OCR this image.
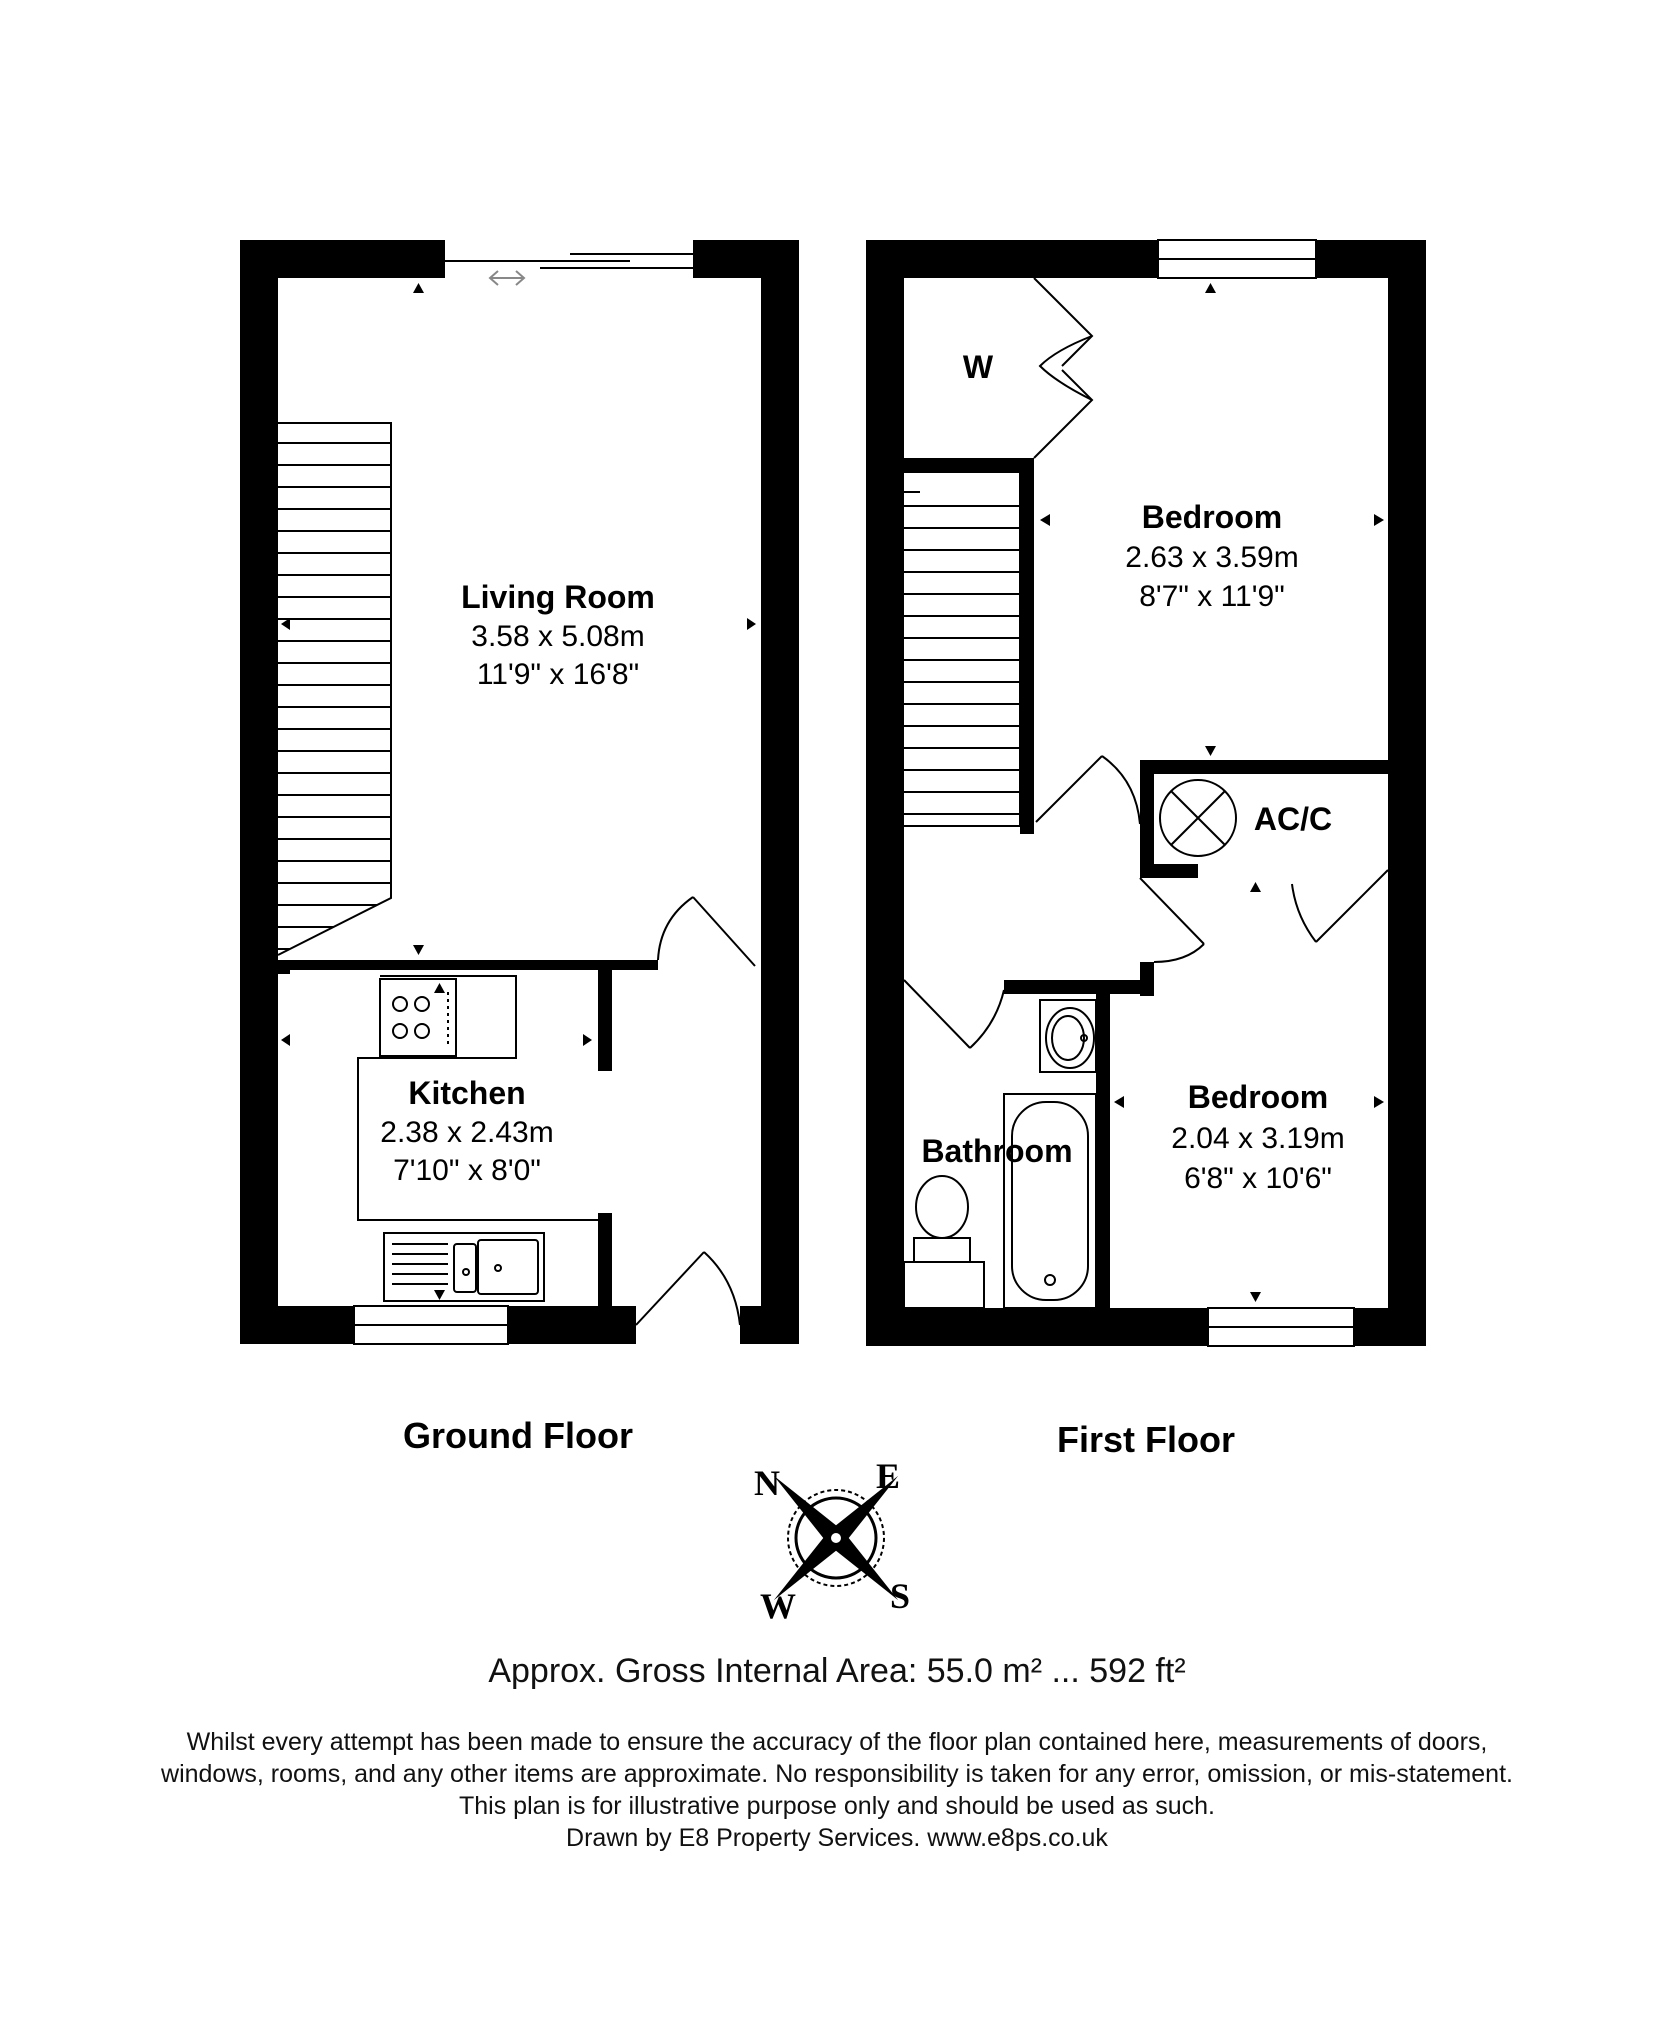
Living Room
3.58 x 5.08m
11'9" x 16'8"
Kitchen
2.38 x 2.43m
7'10" x 8'0"
Ground Floor
W
Bedroom
2.63 x 3.59m
8'7" x 11'9"
AC/C
Bathroom
Bedroom
2.04 x 3.19m
6'8" x 10'6"
First Floor
N	E
S
W
Approx. Gross Internal Area: 55.0 m² ... 592 ft²
Whilst every attempt has been made to ensure the accuracy of the floor plan contained here, measurements of doors,
windows, rooms, and any other items are approximate. No responsibility is taken for any error, omission, or mis-statement.
This plan is for illustrative purpose only and should be used as such.
Drawn by E8 Property Services. www.e8ps.co.uk
